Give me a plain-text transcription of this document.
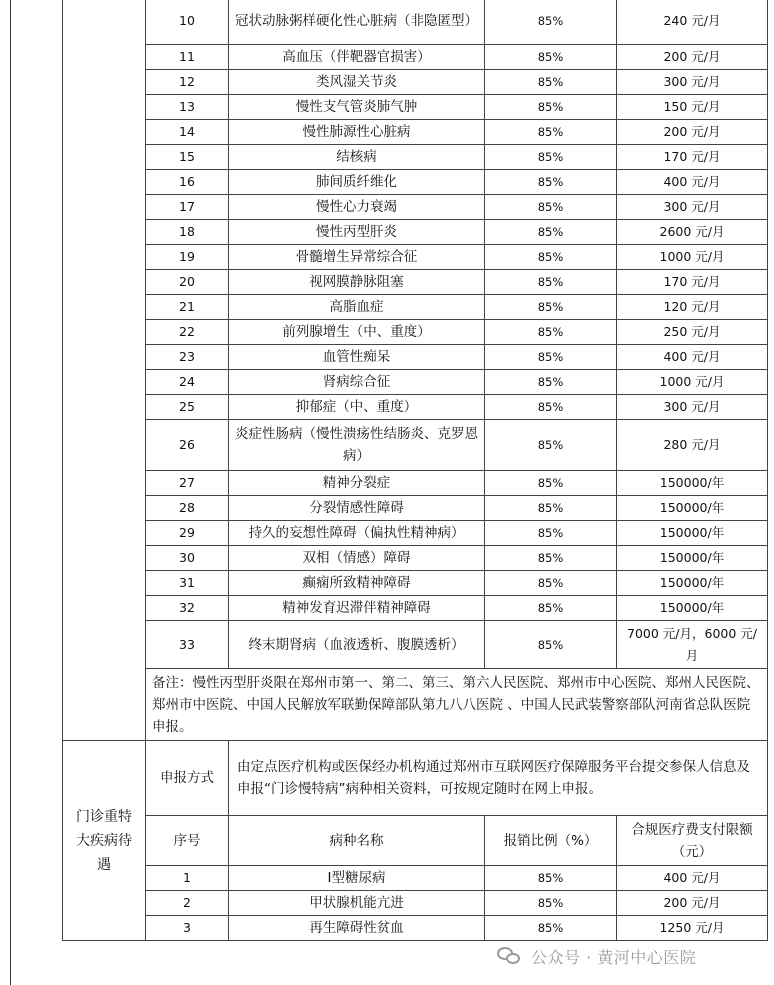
	10	冠状动脉粥样硬化性心脏病（非隐匿型）	85%	240 元/月
	11	高血压（伴靶器官损害）	85%	200 元/月
	12	类风湿关节炎	85%	300 元/月
	13	慢性支气管炎肺气肿	85%	150 元/月
	14	慢性肺源性心脏病	85%	200 元/月
	15	结核病	85%	170 元/月
	16	肺间质纤维化	85%	400 元/月
	17	慢性心力衰竭	85%	300 元/月
	18	慢性丙型肝炎	85%	2600 元/月
	19	骨髓增生异常综合征	85%	1000 元/月
	20	视网膜静脉阻塞	85%	170 元/月
	21	高脂血症	85%	120 元/月
	22	前列腺增生（中、重度）	85%	250 元/月
	23	血管性痴呆	85%	400 元/月
	24	肾病综合征	85%	1000 元/月
	25	抑郁症（中、重度）	85%	300 元/月
	26	炎症性肠病（慢性溃疡性结肠炎、克罗恩病）	85%	280 元/月
	27	精神分裂症	85%	150000/年
	28	分裂情感性障碍	85%	150000/年
	29	持久的妄想性障碍（偏执性精神病）	85%	150000/年
	30	双相（情感）障碍	85%	150000/年
	31	癫痫所致精神障碍	85%	150000/年
	32	精神发育迟滞伴精神障碍	85%	150000/年
	33	终末期肾病（血液透析、腹膜透析）	85%	7000 元/月，6000 元/月
	备注：慢性丙型肝炎限在郑州市第一、第二、第三、第六人民医院、郑州市中心医院、郑州人民医院、郑州市中医院、中国人民解放军联勤保障部队第九八八医院 、中国人民武装警察部队河南省总队医院申报。			
门诊重特大疾病待遇	申报方式	由定点医疗机构或医保经办机构通过郑州市互联网医疗保障服务平台提交参保人信息及申报“门诊慢特病”病种相关资料，可按规定随时在网上申报。		
	序号	病种名称	报销比例（%）	合规医疗费支付限额（元）
	1	Ⅰ型糖尿病	85%	400 元/月
	2	甲状腺机能亢进	85%	200 元/月
	3	再生障碍性贫血	85%	1250 元/月
公众号 · 黄河中心医院
